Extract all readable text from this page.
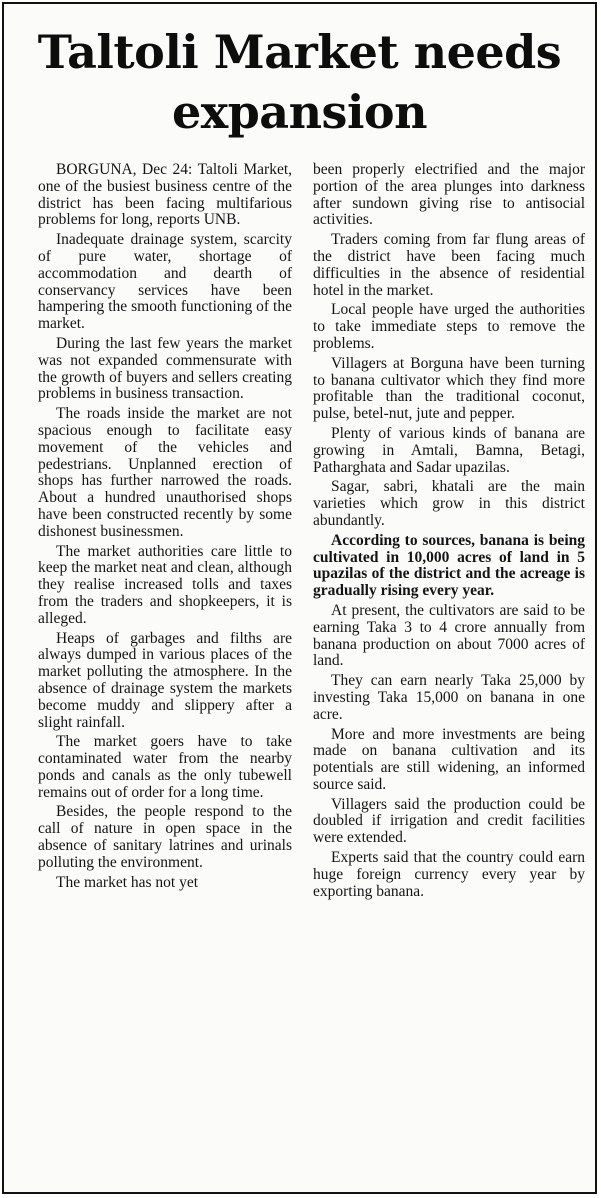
Taltoli Market needs expansion

BORGUNA, Dec 24: Taltoli Market, one of the busiest business centre of the district has been facing multifarious problems for long, reports UNB.

Inadequate drainage system, scarcity of pure water, shortage of accommodation and dearth of conservancy services have been hampering the smooth functioning of the market.

During the last few years the market was not expanded commensurate with the growth of buyers and sellers creating problems in business transaction.

The roads inside the market are not spacious enough to facilitate easy movement of the vehicles and pedestrians. Unplanned erection of shops has further narrowed the roads. About a hundred unauthorised shops have been constructed recently by some dishonest businessmen.

The market authorities care little to keep the market neat and clean, although they realise increased tolls and taxes from the traders and shopkeepers, it is alleged.

Heaps of garbages and filths are always dumped in various places of the market polluting the atmosphere. In the absence of drainage system the markets become muddy and slippery after a slight rainfall.

The market goers have to take contaminated water from the nearby ponds and canals as the only tubewell remains out of order for a long time.

Besides, the people respond to the call of nature in open space in the absence of sanitary latrines and urinals polluting the environment.

The market has not yet

been properly electrified and the major portion of the area plunges into darkness after sundown giving rise to antisocial activities.

Traders coming from far flung areas of the district have been facing much difficulties in the absence of residential hotel in the market.

Local people have urged the authorities to take immediate steps to remove the problems.

Villagers at Borguna have been turning to banana cultivator which they find more profitable than the traditional coconut, pulse, betel-nut, jute and pepper.

Plenty of various kinds of banana are growing in Amtali, Bamna, Betagi, Patharghata and Sadar upazilas.

Sagar, sabri, khatali are the main varieties which grow in this district abundantly.

According to sources, banana is being cultivated in 10,000 acres of land in 5 upazilas of the district and the acreage is gradually rising every year.

At present, the cultivators are said to be earning Taka 3 to 4 crore annually from banana production on about 7000 acres of land.

They can earn nearly Taka 25,000 by investing Taka 15,000 on banana in one acre.

More and more investments are being made on banana cultivation and its potentials are still widening, an informed source said.

Villagers said the production could be doubled if irrigation and credit facilities were extended.

Experts said that the country could earn huge foreign currency every year by exporting banana.
